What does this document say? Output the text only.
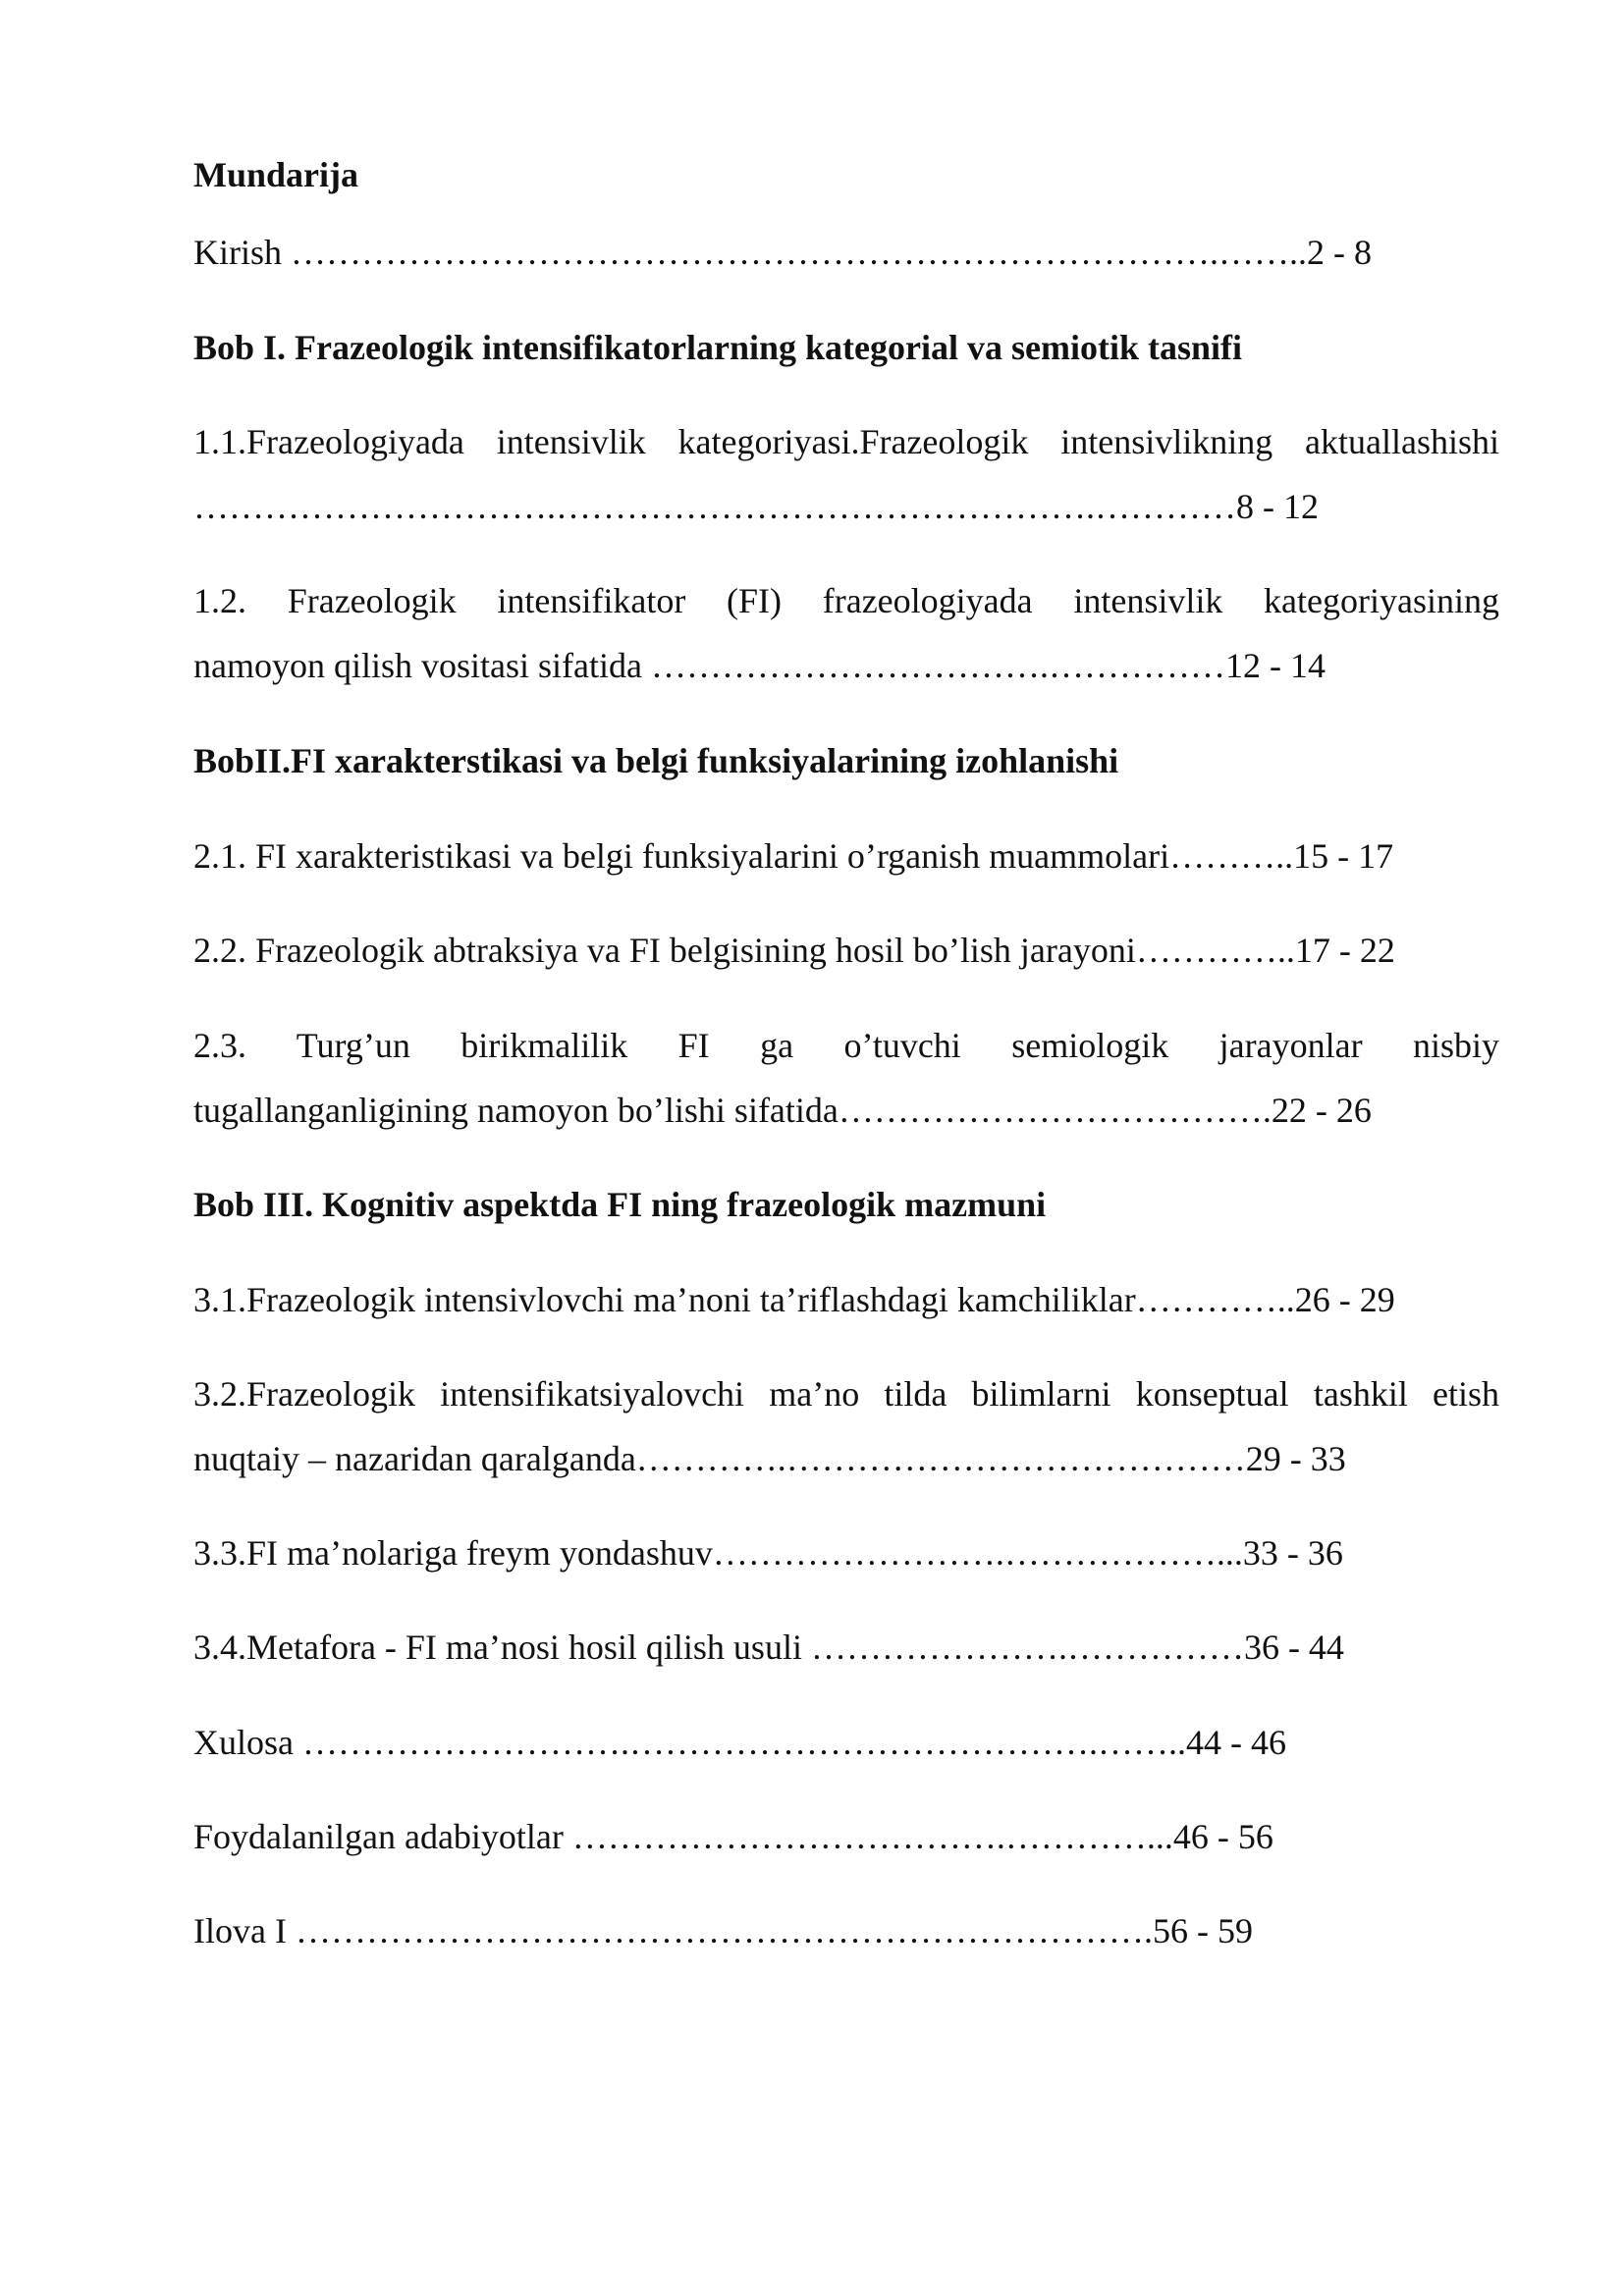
Mundarija
Kirish …………………………………………………………………….……..2 - 8
Bob I. Frazeologik intensifikatorlarning kategorial va semiotik tasnifi
1.1.Frazeologiyada intensivlik kategoriyasi.Frazeologik intensivlikning aktuallashishi
………………………….……………………………………….…………8 - 12
1.2. Frazeologik intensifikator (FI) frazeologiyada intensivlik kategoriyasining
namoyon qilish vositasi sifatida …………………………….……………12 - 14
BobII.FI xarakterstikasi va belgi funksiyalarining izohlanishi
2.1. FI xarakteristikasi va belgi funksiyalarini o’rganish muammolari………..15 - 17
2.2. Frazeologik abtraksiya va FI belgisining hosil bo’lish jarayoni…………..17 - 22
2.3. Turg’un birikmalilik FI ga o’tuvchi semiologik jarayonlar nisbiy
tugallanganligining namoyon bo’lishi sifatida……………………………….22 - 26
Bob III. Kognitiv aspektda FI ning frazeologik mazmuni
3.1.Frazeologik intensivlovchi ma’noni ta’riflashdagi kamchiliklar…………..26 - 29
3.2.Frazeologik intensifikatsiyalovchi ma’no tilda bilimlarni konseptual tashkil etish
nuqtaiy – nazaridan qaralganda………….…………………………………29 - 33
3.3.FI ma’nolariga freym yondashuv…………………….………………...33 - 36
3.4.Metafora - FI ma’nosi hosil qilish usuli ………………….……………36 - 44
Xulosa ……………………….………………………………….……..44 - 46
Foydalanilgan adabiyotlar ……………………………….…………...46 - 56
Ilova I ……………………………………………………………….56 - 59
